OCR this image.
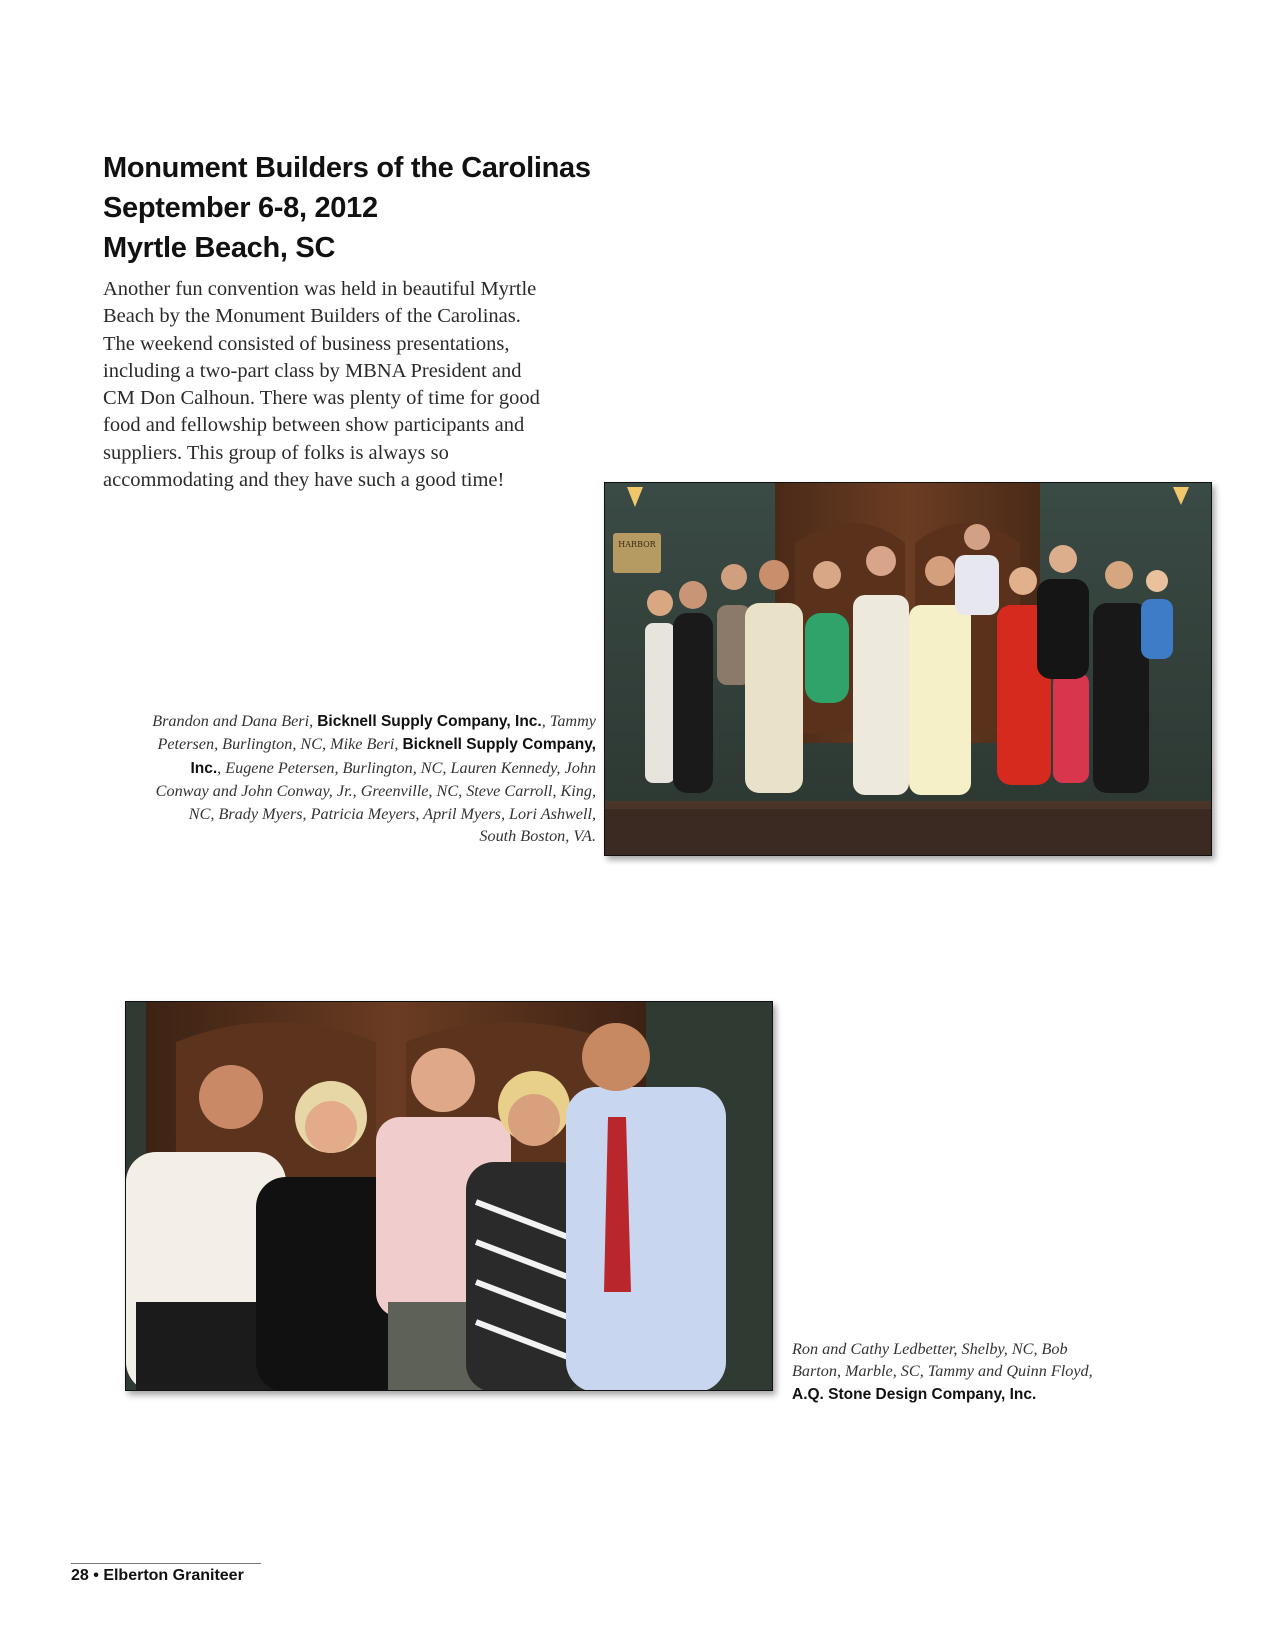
Monument Builders of the Carolinas
September 6-8, 2012
Myrtle Beach, SC

Another fun convention was held in beautiful Myrtle Beach by the Monument Builders of the Carolinas. The weekend consisted of business presentations, including a two-part class by MBNA President and CM Don Calhoun. There was plenty of time for good food and fellowship between show participants and suppliers. This group of folks is always so accommodating and they have such a good time!

HARBOR

Brandon and Dana Beri, Bicknell Supply Company, Inc., Tammy Petersen, Burlington, NC, Mike Beri, Bicknell Supply Company, Inc., Eugene Petersen, Burlington, NC, Lauren Kennedy, John Conway and John Conway, Jr., Greenville, NC, Steve Carroll, King, NC, Brady Myers, Patricia Meyers, April Myers, Lori Ashwell, South Boston, VA.

Ron and Cathy Ledbetter, Shelby, NC, Bob Barton, Marble, SC, Tammy and Quinn Floyd, A.Q. Stone Design Company, Inc.

28 • Elberton Graniteer
